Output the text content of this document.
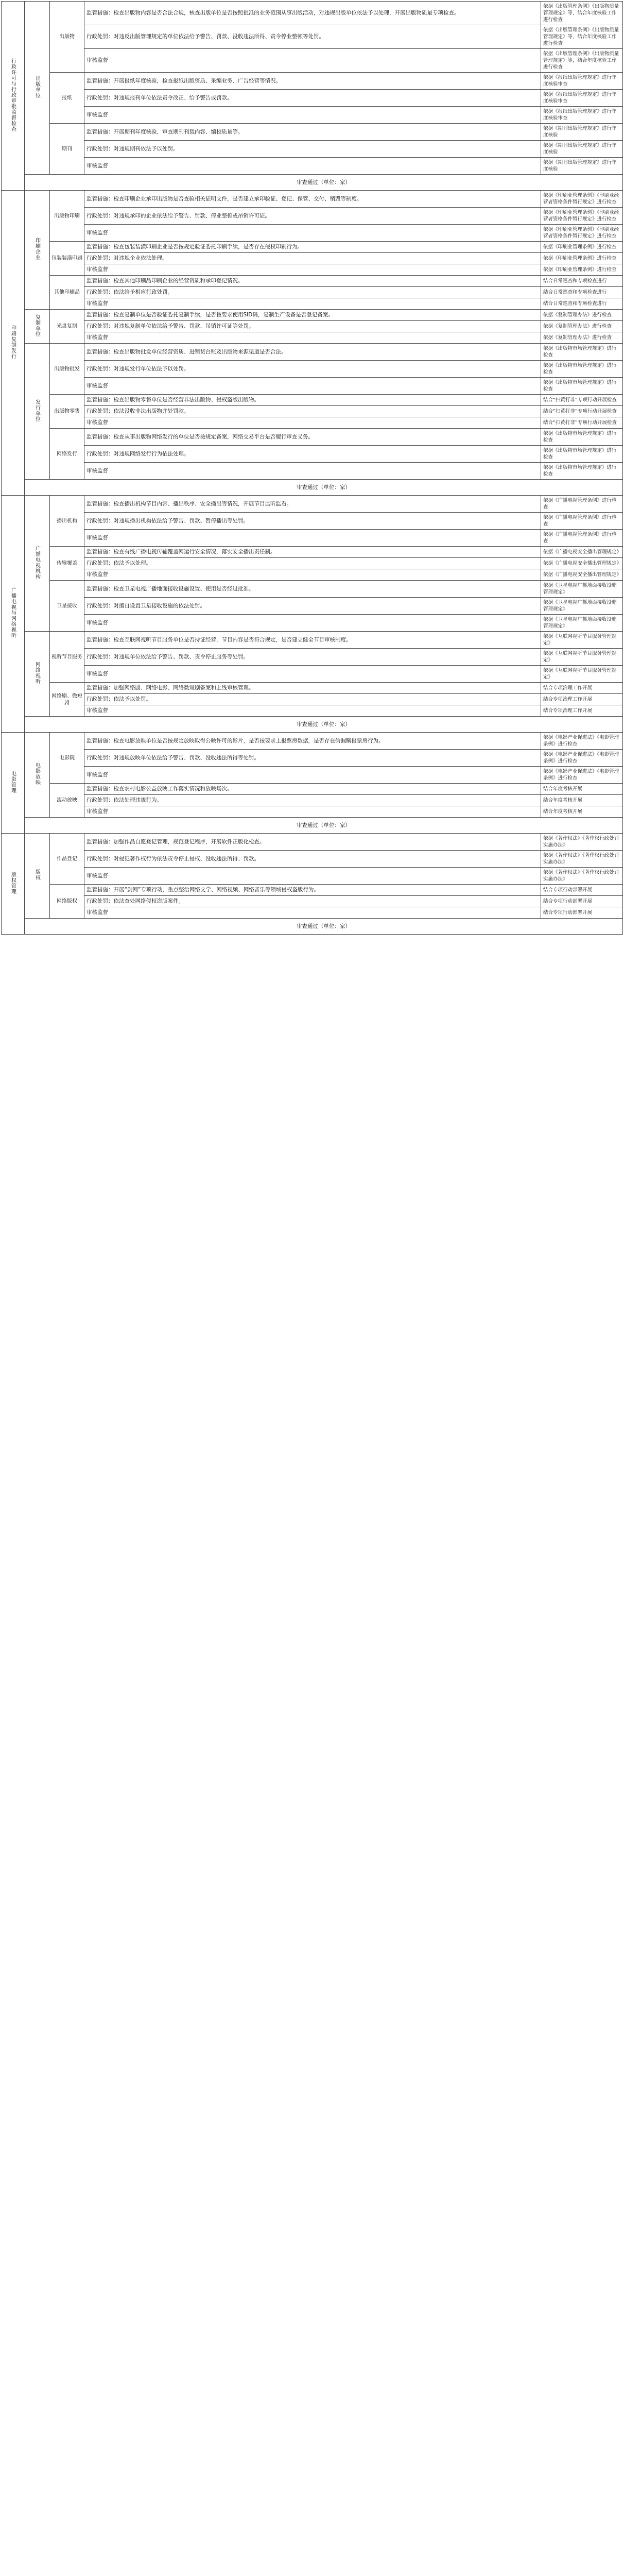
行政许可与行政审批监督检查	出版单位	出版物	监管措施：检查出版物内容是否合法合规，核查出版单位是否按照批准的业务范围从事出版活动，对违规出版单位依法予以处理，开展出版物质量专项检查。	依据《出版管理条例》《出版物质量管理规定》等，结合年度核验工作进行检查
			行政处罚：对违反出版管理规定的单位依法给予警告、罚款、没收违法所得、责令停业整顿等处罚。	依据《出版管理条例》《出版物质量管理规定》等，结合年度核验工作进行检查
			审核监督	依据《出版管理条例》《出版物质量管理规定》等，结合年度核验工作进行检查
		报纸	监管措施：开展报纸年度核验，检查报纸出版资质、采编业务、广告经营等情况。	依据《报纸出版管理规定》进行年度核验审查
			行政处罚：对违规报刊单位依法责令改正、给予警告或罚款。	依据《报纸出版管理规定》进行年度核验审查
			审核监督	依据《报纸出版管理规定》进行年度核验审查
		期刊	监管措施：开展期刊年度核验，审查期刊刊载内容、编校质量等。	依据《期刊出版管理规定》进行年度核验
			行政处罚：对违规期刊依法予以处罚。	依据《期刊出版管理规定》进行年度核验
			审核监督	依据《期刊出版管理规定》进行年度核验
	审查通过（单位：家）			
印刷复制发行	印刷企业	出版物印刷	监管措施：检查印刷企业承印出版物是否查验相关证明文件，是否建立承印验证、登记、保管、交付、销毁等制度。	依据《印刷业管理条例》《印刷业经营者资格条件暂行规定》进行检查
			行政处罚：对违规承印的企业依法给予警告、罚款、停业整顿或吊销许可证。	依据《印刷业管理条例》《印刷业经营者资格条件暂行规定》进行检查
			审核监督	依据《印刷业管理条例》《印刷业经营者资格条件暂行规定》进行检查
		包装装潢印刷	监管措施：检查包装装潢印刷企业是否按规定验证委托印刷手续，是否存在侵权印刷行为。	依据《印刷业管理条例》进行检查
			行政处罚：对违规企业依法处理。	依据《印刷业管理条例》进行检查
			审核监督	依据《印刷业管理条例》进行检查
		其他印刷品	监管措施：检查其他印刷品印刷企业的经营资质和承印登记情况。	结合日常巡查和专项检查进行
			行政处罚：依法给予相应行政处罚。	结合日常巡查和专项检查进行
			审核监督	结合日常巡查和专项检查进行
	复制单位	光盘复制	监管措施：检查复制单位是否验证委托复制手续，是否按要求使用SID码，复制生产设备是否登记备案。	依据《复制管理办法》进行检查
			行政处罚：对违规复制单位依法给予警告、罚款、吊销许可证等处罚。	依据《复制管理办法》进行检查
			审核监督	依据《复制管理办法》进行检查
	发行单位	出版物批发	监管措施：检查出版物批发单位经营资质、进销货台账及出版物来源渠道是否合法。	依据《出版物市场管理规定》进行检查
			行政处罚：对违规发行单位依法予以处罚。	依据《出版物市场管理规定》进行检查
			审核监督	依据《出版物市场管理规定》进行检查
		出版物零售	监管措施：检查出版物零售单位是否经营非法出版物、侵权盗版出版物。	结合“扫黄打非”专项行动开展检查
			行政处罚：依法没收非法出版物并处罚款。	结合“扫黄打非”专项行动开展检查
			审核监督	结合“扫黄打非”专项行动开展检查
		网络发行	监管措施：检查从事出版物网络发行的单位是否按规定备案，网络交易平台是否履行审查义务。	依据《出版物市场管理规定》进行检查
			行政处罚：对违规网络发行行为依法处理。	依据《出版物市场管理规定》进行检查
			审核监督	依据《出版物市场管理规定》进行检查
	审查通过（单位：家）			
广播电视与网络视听	广播电视机构	播出机构	监管措施：检查播出机构节目内容、播出秩序、安全播出等情况，开展节目监听监看。	依据《广播电视管理条例》进行检查
			行政处罚：对违规播出机构依法给予警告、罚款、暂停播出等处罚。	依据《广播电视管理条例》进行检查
			审核监督	依据《广播电视管理条例》进行检查
		传输覆盖	监管措施：检查有线广播电视传输覆盖网运行安全情况，落实安全播出责任制。	依据《广播电视安全播出管理规定》
			行政处罚：依法予以处理。	依据《广播电视安全播出管理规定》
			审核监督	依据《广播电视安全播出管理规定》
		卫星接收	监管措施：检查卫星电视广播地面接收设施设置、使用是否经过批准。	依据《卫星电视广播地面接收设施管理规定》
			行政处罚：对擅自设置卫星接收设施的依法处罚。	依据《卫星电视广播地面接收设施管理规定》
			审核监督	依据《卫星电视广播地面接收设施管理规定》
	网络视听	视听节目服务	监管措施：检查互联网视听节目服务单位是否持证经营，节目内容是否符合规定，是否建立健全节目审核制度。	依据《互联网视听节目服务管理规定》
			行政处罚：对违规单位依法给予警告、罚款、责令停止服务等处罚。	依据《互联网视听节目服务管理规定》
			审核监督	依据《互联网视听节目服务管理规定》
		网络剧、微短剧	监管措施：加强网络剧、网络电影、网络微短剧备案和上线审核管理。	结合专项治理工作开展
			行政处罚：依法予以处罚。	结合专项治理工作开展
			审核监督	结合专项治理工作开展
	审查通过（单位：家）			
电影管理	电影放映	电影院	监管措施：检查电影放映单位是否按规定放映取得公映许可的影片，是否按要求上报票房数据，是否存在偷漏瞒报票房行为。	依据《电影产业促进法》《电影管理条例》进行检查
			行政处罚：对违规放映单位依法给予警告、罚款、没收违法所得等处罚。	依据《电影产业促进法》《电影管理条例》进行检查
			审核监督	依据《电影产业促进法》《电影管理条例》进行检查
		流动放映	监管措施：检查农村电影公益放映工作落实情况和放映场次。	结合年度考核开展
			行政处罚：依法处理违规行为。	结合年度考核开展
			审核监督	结合年度考核开展
	审查通过（单位：家）			
版权管理	版权	作品登记	监管措施：加强作品自愿登记管理，规范登记程序，开展软件正版化检查。	依据《著作权法》《著作权行政处罚实施办法》
			行政处罚：对侵犯著作权行为依法责令停止侵权、没收违法所得、罚款。	依据《著作权法》《著作权行政处罚实施办法》
			审核监督	依据《著作权法》《著作权行政处罚实施办法》
		网络版权	监管措施：开展“剑网”专项行动，重点整治网络文学、网络视频、网络音乐等领域侵权盗版行为。	结合专项行动部署开展
			行政处罚：依法查处网络侵权盗版案件。	结合专项行动部署开展
			审核监督	结合专项行动部署开展
	审查通过（单位：家）			
